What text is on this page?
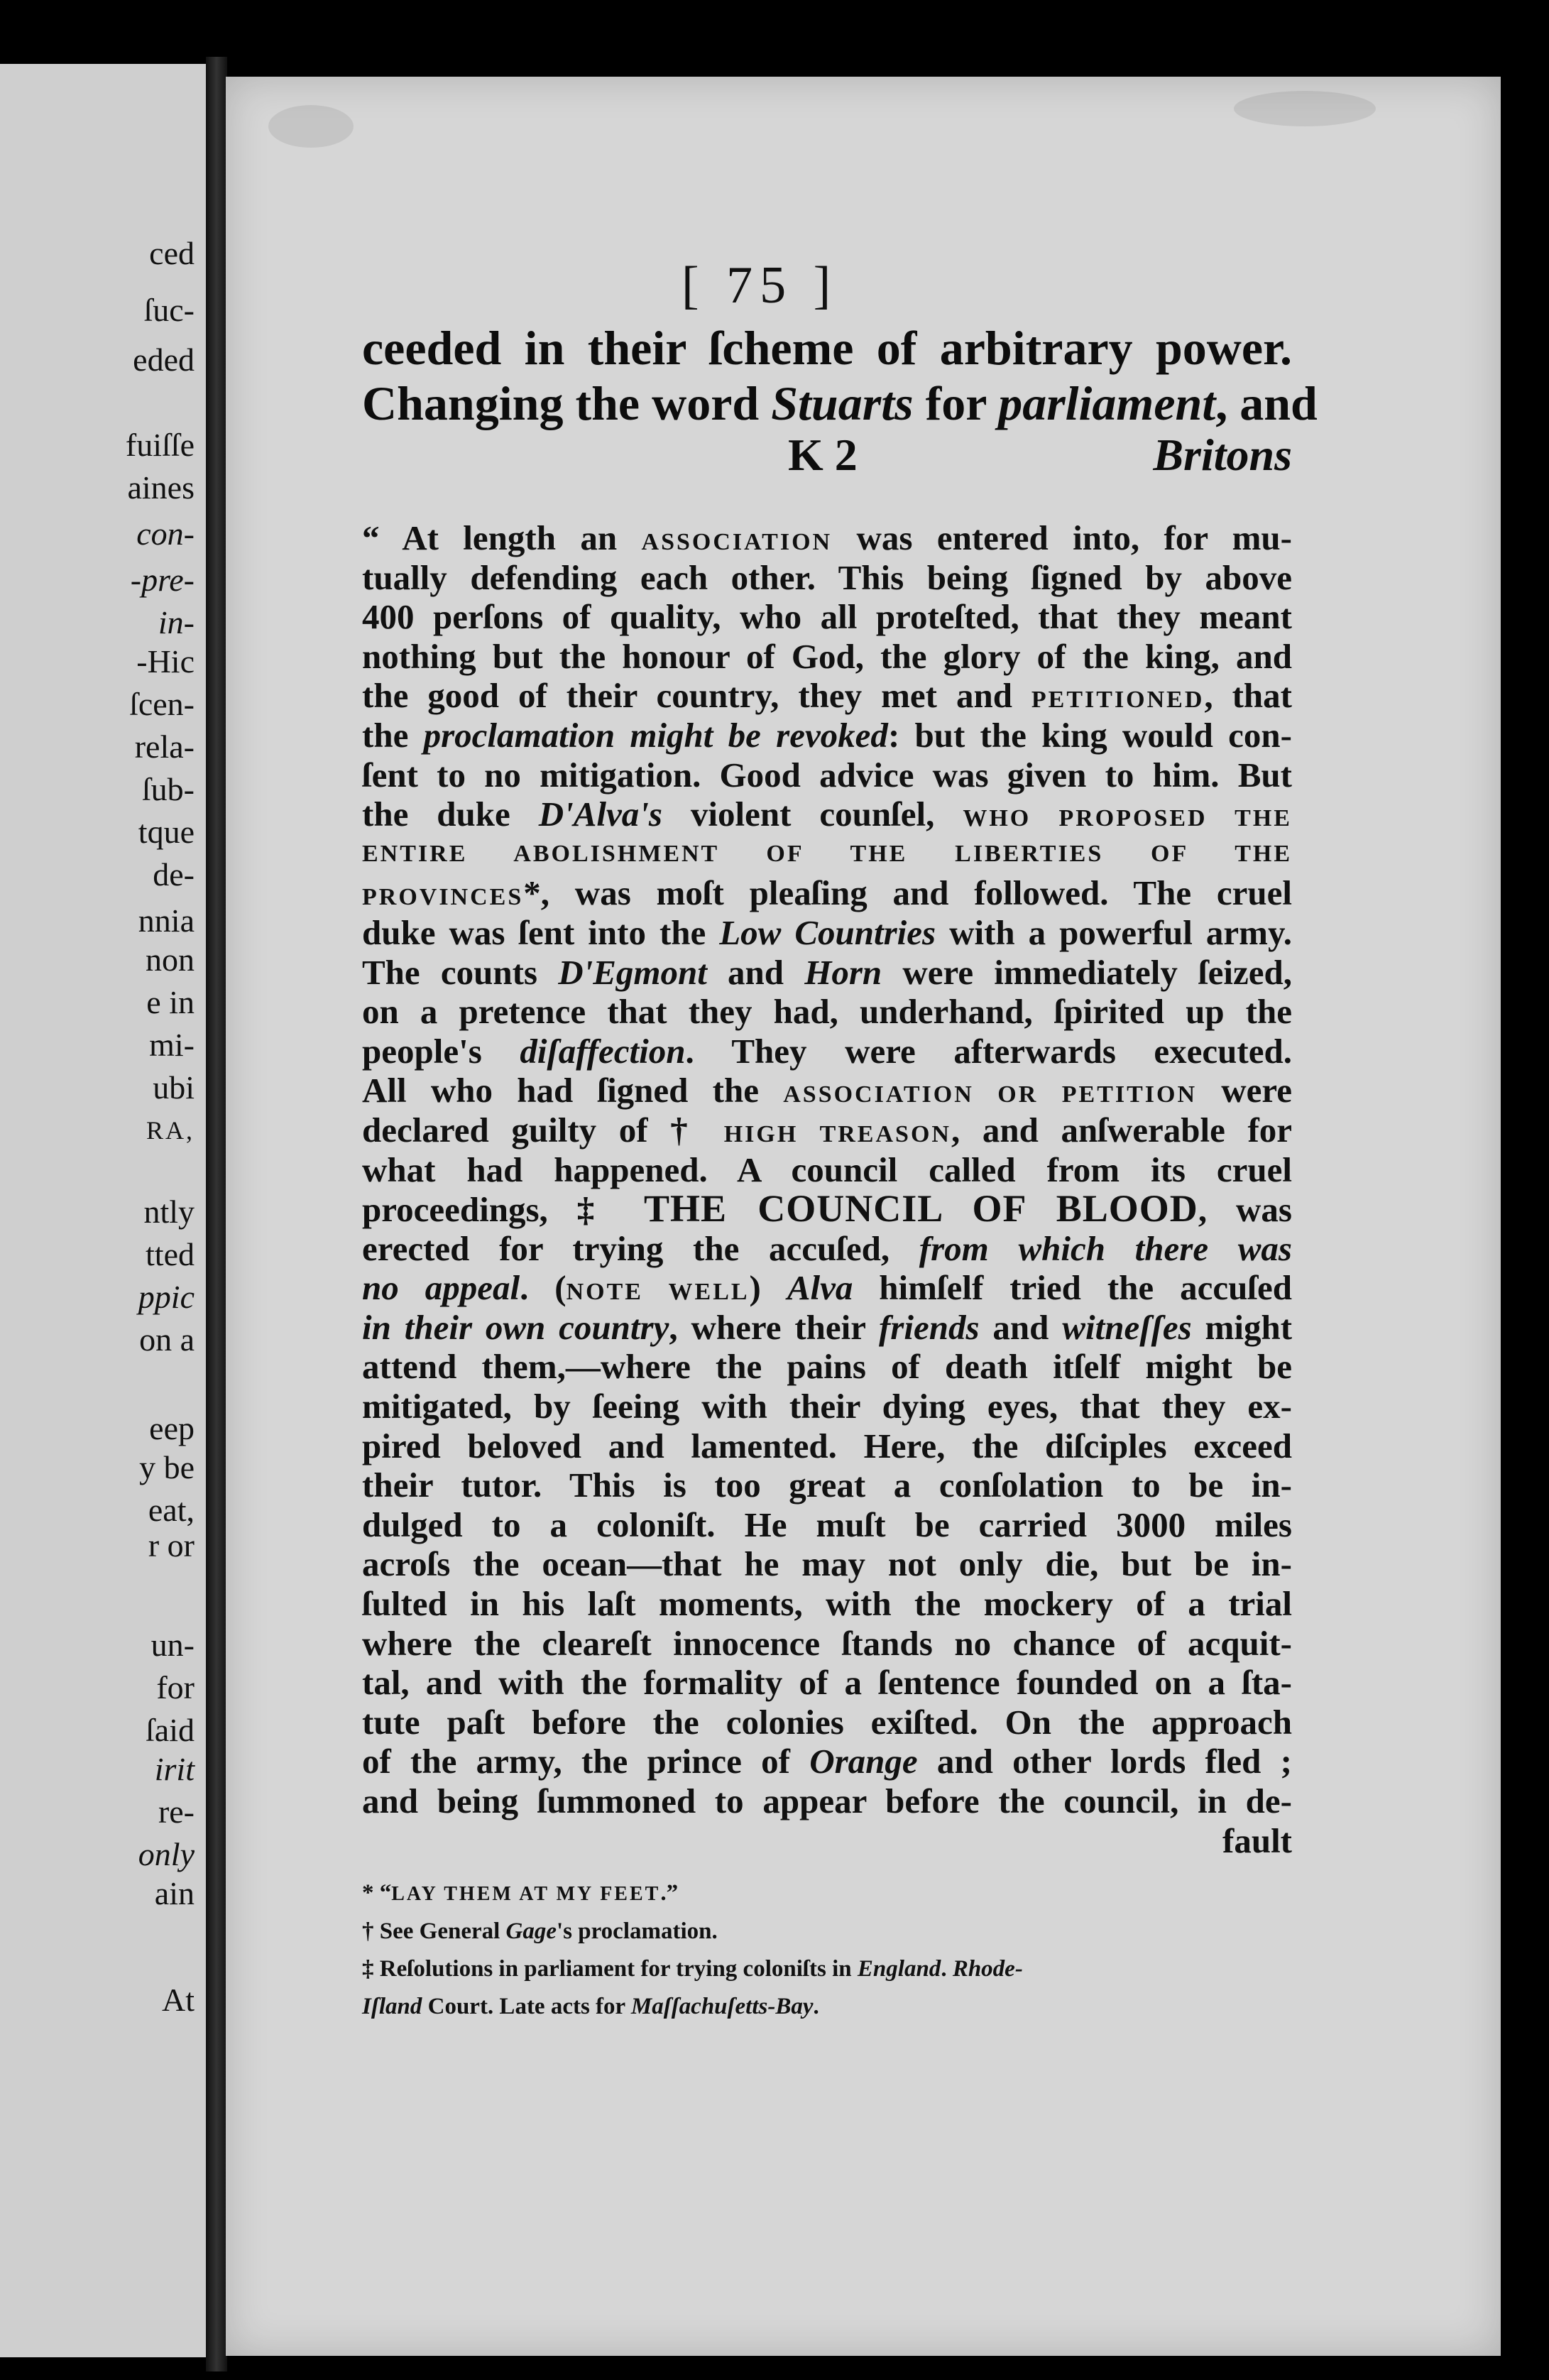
ced
ſuc-
eded
fuiſſe
aines
con-
-pre-
in-
-Hic
ſcen-
rela-
ſub-
tque
de-
nnia
non
e in
mi-
ubi
RA,
ntly
tted
ppic
on a
eep
y be
eat,
r or
un-
for
ſaid
irit
re-
only
ain
At
[ 75 ]
ceeded in their ſcheme of arbitrary power.
Changing the word Stuarts for parliament, and
K 2	Britons
“ At length an ASSOCIATION was entered into, for mu-
tually defending each other. This being ſigned by above
400 perſons of quality, who all proteſted, that they meant
nothing but the honour of God, the glory of the king, and
the good of their country, they met and PETITIONED, that
the proclamation might be revoked: but the king would con-
ſent to no mitigation. Good advice was given to him. But
the duke D'Alva's violent counſel, WHO PROPOSED THE
ENTIRE ABOLISHMENT OF THE LIBERTIES OF THE
PROVINCES*, was moſt pleaſing and followed. The cruel
duke was ſent into the Low Countries with a powerful army.
The counts D'Egmont and Horn were immediately ſeized,
on a pretence that they had, underhand, ſpirited up the
people's diſaffection. They were afterwards executed.
All who had ſigned the ASSOCIATION OR PETITION were
declared guilty of † HIGH TREASON, and anſwerable for
what had happened. A council called from its cruel
proceedings, ‡ THE COUNCIL OF BLOOD, was
erected for trying the accuſed, from which there was
no appeal. (NOTE WELL) Alva himſelf tried the accuſed
in their own country, where their friends and witneſſes might
attend them,—where the pains of death itſelf might be
mitigated, by ſeeing with their dying eyes, that they ex-
pired beloved and lamented. Here, the diſciples exceed
their tutor. This is too great a conſolation to be in-
dulged to a coloniſt. He muſt be carried 3000 miles
acroſs the ocean—that he may not only die, but be in-
ſulted in his laſt moments, with the mockery of a trial
where the cleareſt innocence ſtands no chance of acquit-
tal, and with the formality of a ſentence founded on a ſta-
tute paſt before the colonies exiſted. On the approach
of the army, the prince of Orange and other lords fled ;
and being ſummoned to appear before the council, in de-
fault
* “LAY THEM AT MY FEET.”
† See General Gage's proclamation.
‡ Reſolutions in parliament for trying coloniſts in England. Rhode-
Iſland Court. Late acts for Maſſachuſetts-Bay.
